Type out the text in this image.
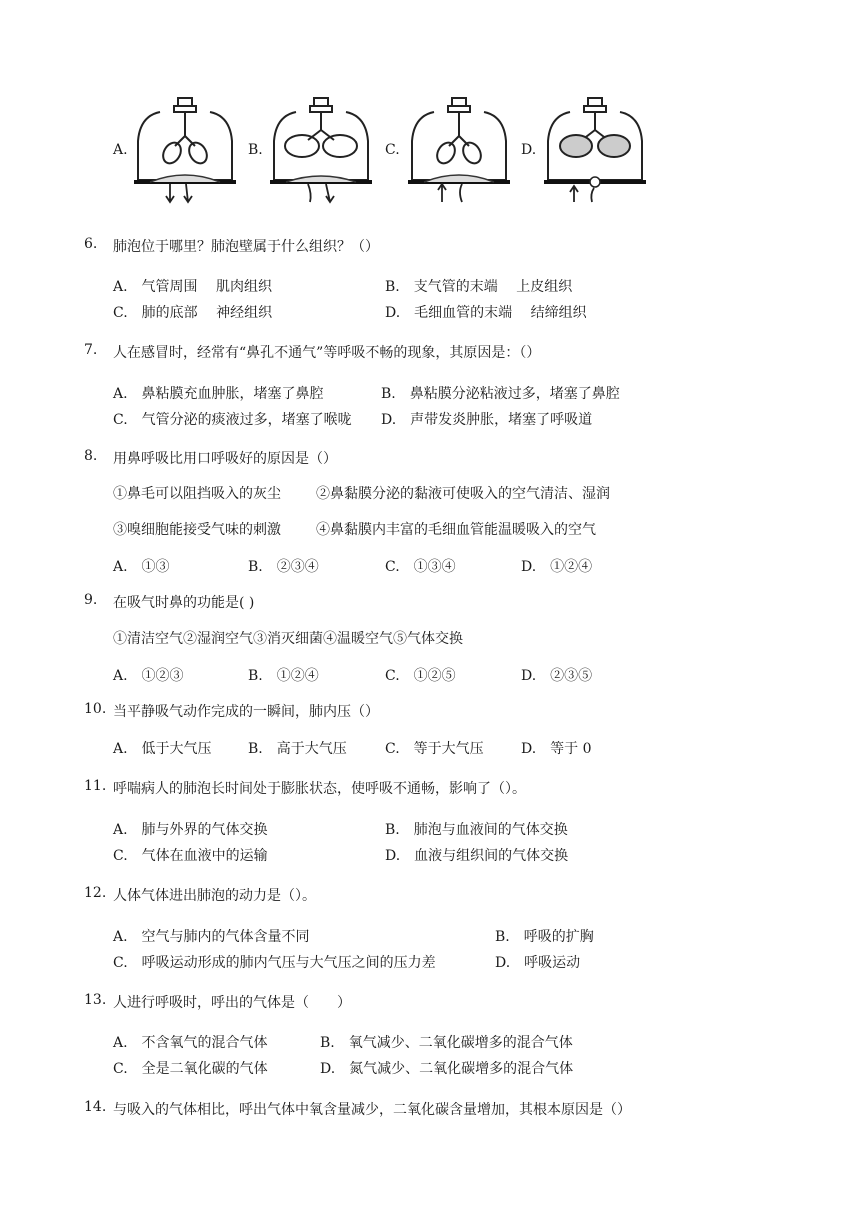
A.	B.	C.	D.
6. 肺泡位于哪里？肺泡壁属于什么组织？（）
A.　气管周围　 肌肉组织	B.　支气管的末端　 上皮组织
C.　肺的底部　 神经组织	D.　毛细血管的末端　 结缔组织
7. 人在感冒时，经常有“鼻孔不通气”等呼吸不畅的现象，其原因是：（）
A.　鼻粘膜充血肿胀，堵塞了鼻腔	B.　鼻粘膜分泌粘液过多，堵塞了鼻腔
C.　气管分泌的痰液过多，堵塞了喉咙 D.　声带发炎肿胀，堵塞了呼吸道
8. 用鼻呼吸比用口呼吸好的原因是（）
①鼻毛可以阻挡吸入的灰尘	②鼻黏膜分泌的黏液可使吸入的空气清洁、湿润
③嗅细胞能接受气味的刺激	④鼻黏膜内丰富的毛细血管能温暖吸入的空气
A.　①③	B.　②③④	C.　①③④	D.　①②④
9. 在吸气时鼻的功能是( )
①清洁空气②湿润空气③消灭细菌④温暖空气⑤气体交换
A.　①②③	B.　①②④	C.　①②⑤	D.　②③⑤
10. 当平静吸气动作完成的一瞬间，肺内压（）
A.　低于大气压	B.　高于大气压	C.　等于大气压	D.　等于 0
11. 呼喘病人的肺泡长时间处于膨胀状态，使呼吸不通畅，影响了（）。
A.　肺与外界的气体交换	B.　肺泡与血液间的气体交换
C.　气体在血液中的运输	D.　血液与组织间的气体交换
12. 人体气体进出肺泡的动力是（）。
A.　空气与肺内的气体含量不同	B.　呼吸的扩胸
C.　呼吸运动形成的肺内气压与大气压之间的压力差	D.　呼吸运动
13. 人进行呼吸时，呼出的气体是（　　）
A.　不含氧气的混合气体	B.　氧气减少、二氧化碳增多的混合气体
C.　全是二氧化碳的气体	D.　氮气减少、二氧化碳增多的混合气体
14. 与吸入的气体相比，呼出气体中氧含量减少，二氧化碳含量增加，其根本原因是（）
